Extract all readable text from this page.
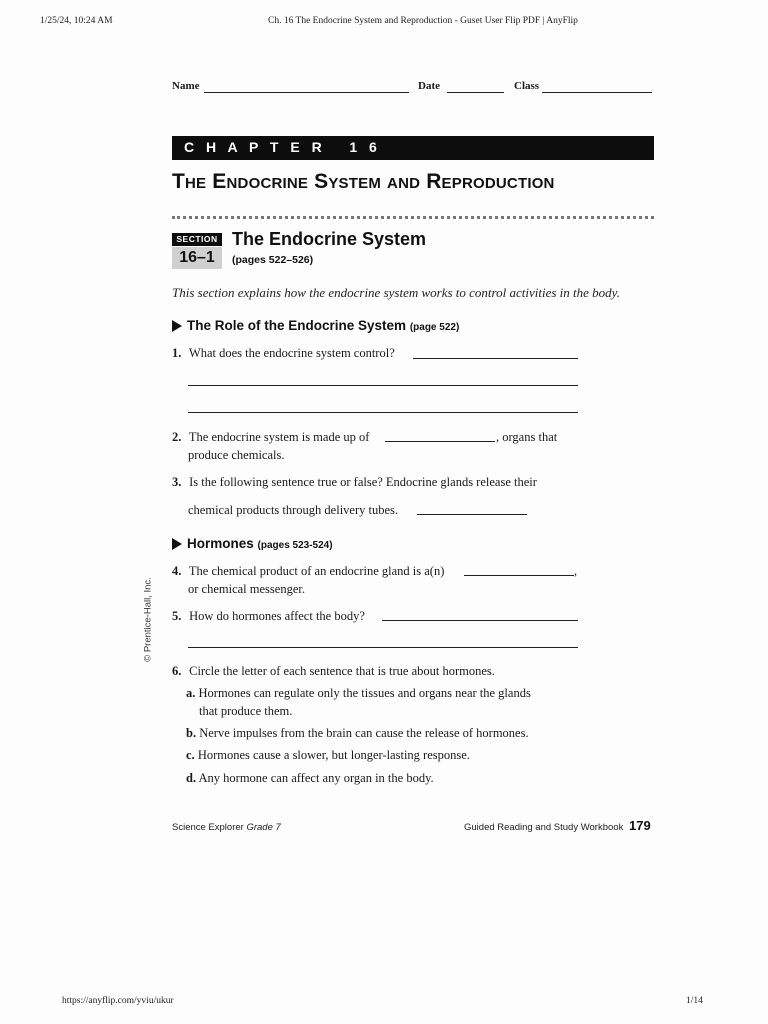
1/25/24, 10:24 AM	Ch. 16 The Endocrine System and Reproduction - Guset User Flip PDF | AnyFlip
Name	Date	Class
C H A P T E R   1 6
The Endocrine System and Reproduction
SECTION
16–1
The Endocrine System
(pages 522–526)
This section explains how the endocrine system works to control activities in the body.
The Role of the Endocrine System (page 522)
1. What does the endocrine system control?
2. The endocrine system is made up of	, organs that
produce chemicals.
3. Is the following sentence true or false? Endocrine glands release their
chemical products through delivery tubes.
Hormones (pages 523-524)
4. The chemical product of an endocrine gland is a(n)	,
or chemical messenger.
5. How do hormones affect the body?
6. Circle the letter of each sentence that is true about hormones.
a. Hormones can regulate only the tissues and organs near the glands
that produce them.
b. Nerve impulses from the brain can cause the release of hormones.
c. Hormones cause a slower, but longer-lasting response.
d. Any hormone can affect any organ in the body.
© Prentice-Hall, Inc.
Science Explorer Grade 7	Guided Reading and Study Workbook 179
https://anyflip.com/yviu/ukur	1/14
